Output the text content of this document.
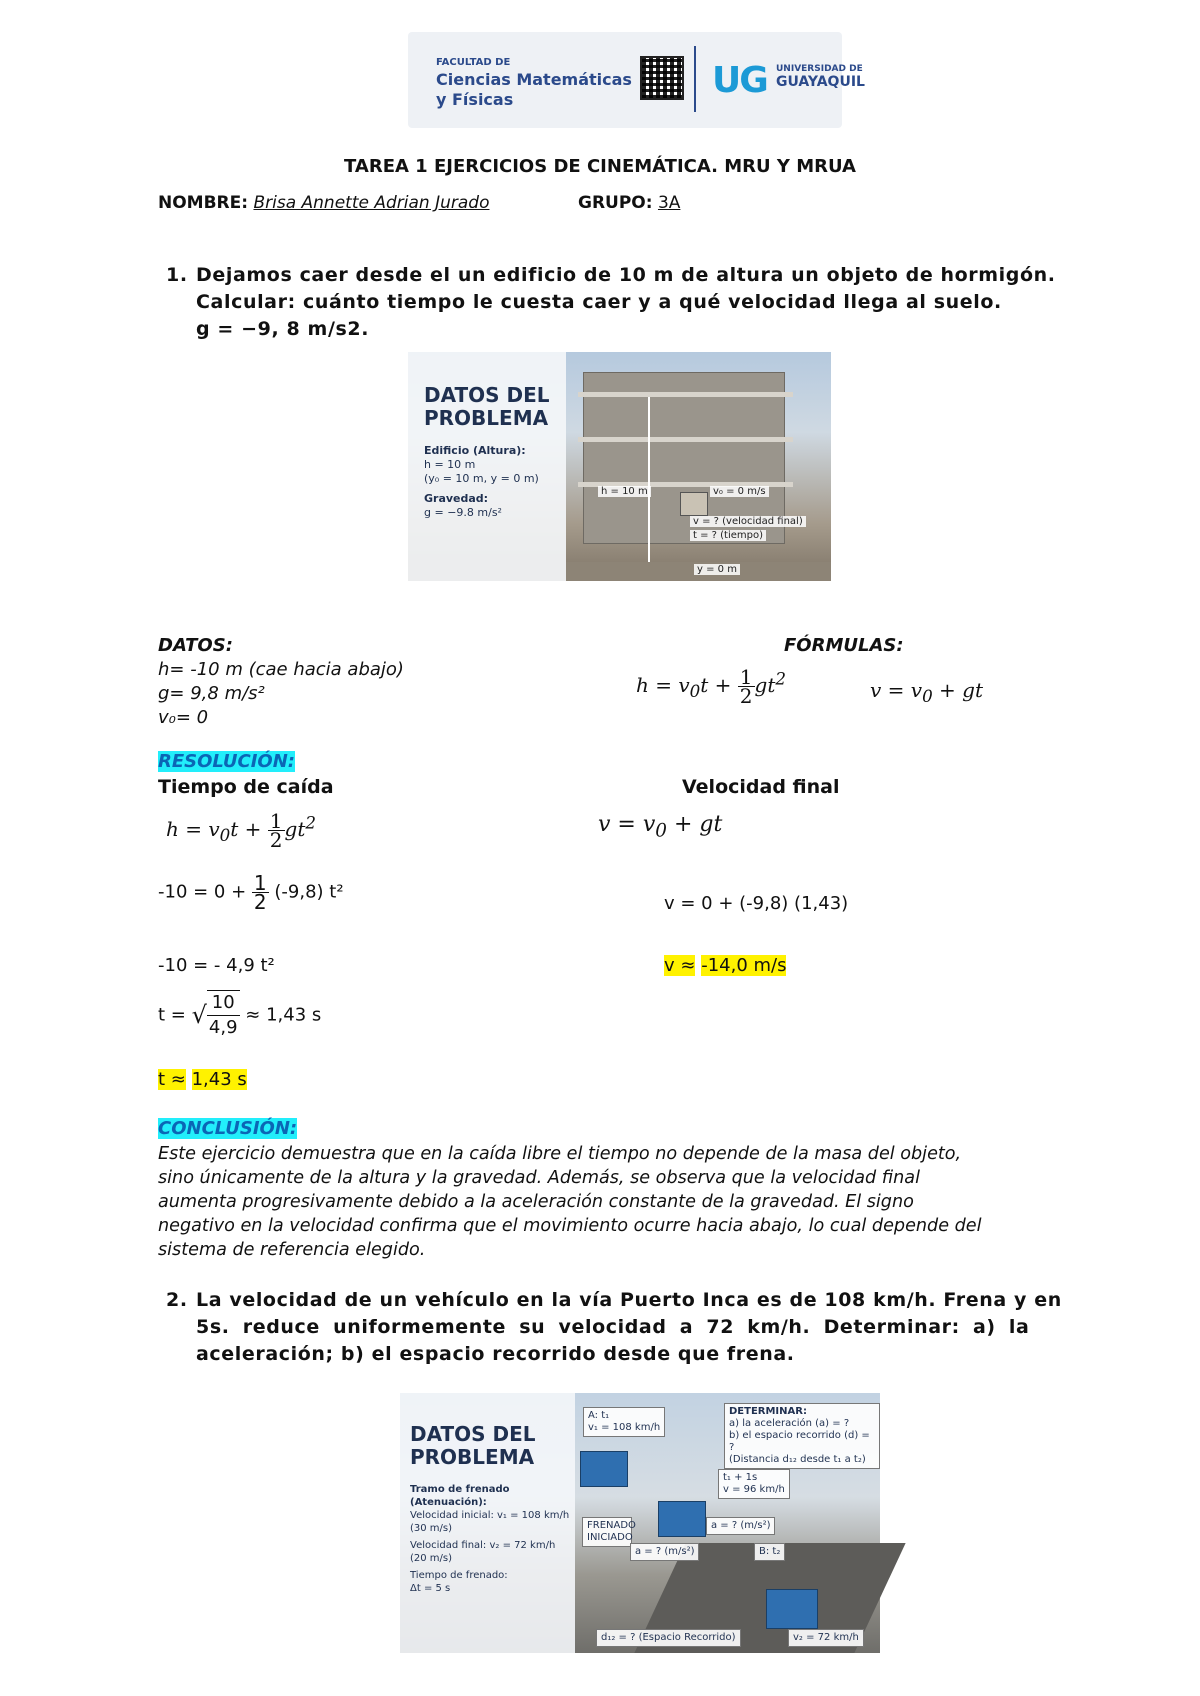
FACULTAD DE
Ciencias Matemáticas
y Físicas	UG UNIVERSIDAD DE
GUAYAQUIL
TAREA 1 EJERCICIOS DE CINEMÁTICA. MRU Y MRUA
NOMBRE: Brisa Annette Adrian Jurado	GRUPO: 3A
1. Dejamos caer desde el un edificio de 10 m de altura un objeto de hormigón.
Calcular: cuánto tiempo le cuesta caer y a qué velocidad llega al suelo.
g = −9, 8 m/s2.
DATOS DEL
PROBLEMA
Edificio (Altura):
h = 10 m
(y₀ = 10 m, y = 0 m)
Gravedad:
g = −9.8 m/s²
h = 10 m	v₀ = 0 m/s
v = ? (velocidad final)
t = ? (tiempo)
y = 0 m
DATOS:
h= -10 m (cae hacia abajo)
g= 9,8 m/s²
v₀= 0
FÓRMULAS:
$h = v_0t + \frac{1}{2} gt^2$	$v = v_0$ + gt
RESOLUCIÓN:
Tiempo de caída	Velocidad final
$h = v_0t + \frac{1}{2} gt^2$	$v = v_0$ + gt
$-10 = 0 + \frac{1}{2} (-9,8)$ t²
v = 0 + (-9,8) (1,43)
-10 = - 4,9 t²	v ≈ -14,0 m/s
t = √ $\frac{10}{4,9} \approx 1,43$ s
t ≈ 1,43 s
CONCLUSIÓN:
Este ejercicio demuestra que en la caída libre el tiempo no depende de la masa del objeto,
sino únicamente de la altura y la gravedad. Además, se observa que la velocidad final
aumenta progresivamente debido a la aceleración constante de la gravedad. El signo
negativo en la velocidad confirma que el movimiento ocurre hacia abajo, lo cual depende del
sistema de referencia elegido.
2. La velocidad de un vehículo en la vía Puerto Inca es de 108 km/h. Frena y en
5s. reduce uniformemente su velocidad a 72 km/h. Determinar: a) la
aceleración; b) el espacio recorrido desde que frena.
DATOS DEL
PROBLEMA
Tramo de frenado (Atenuación):
Velocidad inicial: v₁ = 108 km/h
(30 m/s)
Velocidad final: v₂ = 72 km/h
(20 m/s)
Tiempo de frenado:
Δt = 5 s
A: t₁
v₁ = 108 km/h
DETERMINAR:
a) la aceleración (a) = ?
b) el espacio recorrido (d) = ?
(Distancia d₁₂ desde t₁ a t₂)
t₁ + 1s
v = 96 km/h
FRENADO INICIADO
a = ? (m/s²)
a = ? (m/s²)	B: t₂
d₁₂ = ? (Espacio Recorrido)	v₂ = 72 km/h
